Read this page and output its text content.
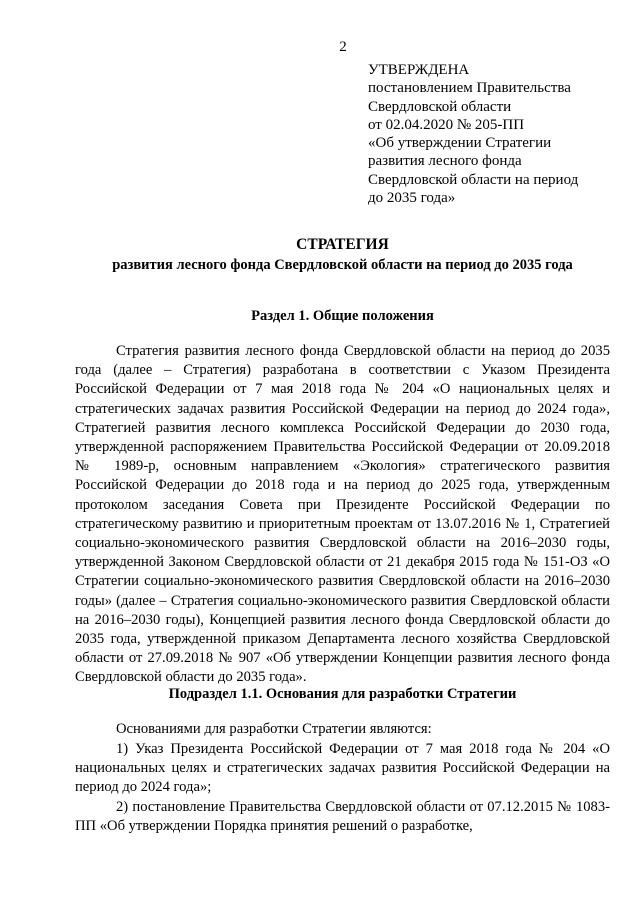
2
УТВЕРЖДЕНА
постановлением Правительства
Свердловской области
от 02.04.2020 № 205-ПП
«Об утверждении Стратегии
развития лесного фонда
Свердловской области на период
до 2035 года»
СТРАТЕГИЯ
развития лесного фонда Свердловской области на период до 2035 года
Раздел 1. Общие положения

Стратегия развития лесного фонда Свердловской области на период до 2035 года (далее – Стратегия) разработана в соответствии с Указом Президента Российской Федерации от 7 мая 2018 года № 204 «О национальных целях и стратегических задачах развития Российской Федерации на период до 2024 года», Стратегией развития лесного комплекса Российской Федерации до 2030 года, утвержденной распоряжением Правительства Российской Федерации от 20.09.2018 № 1989-р, основным направлением «Экология» стратегического развития Российской Федерации до 2018 года и на период до 2025 года, утвержденным протоколом заседания Совета при Президенте Российской Федерации по стратегическому развитию и приоритетным проектам от 13.07.2016 № 1, Стратегией социально-экономического развития Свердловской области на 2016–2030 годы, утвержденной Законом Свердловской области от 21 декабря 2015 года № 151-ОЗ «О Стратегии социально-экономического развития Свердловской области на 2016–2030 годы» (далее – Стратегия социально-экономического развития Свердловской области на 2016–2030 годы), Концепцией развития лесного фонда Свердловской области до 2035 года, утвержденной приказом Департамента лесного хозяйства Свердловской области от 27.09.2018 № 907 «Об утверждении Концепции развития лесного фонда Свердловской области до 2035 года».

Подраздел 1.1. Основания для разработки Стратегии

Основаниями для разработки Стратегии являются:

1) Указ Президента Российской Федерации от 7 мая 2018 года № 204 «О национальных целях и стратегических задачах развития Российской Федерации на период до 2024 года»;

2) постановление Правительства Свердловской области от 07.12.2015 № 1083-ПП «Об утверждении Порядка принятия решений о разработке,
